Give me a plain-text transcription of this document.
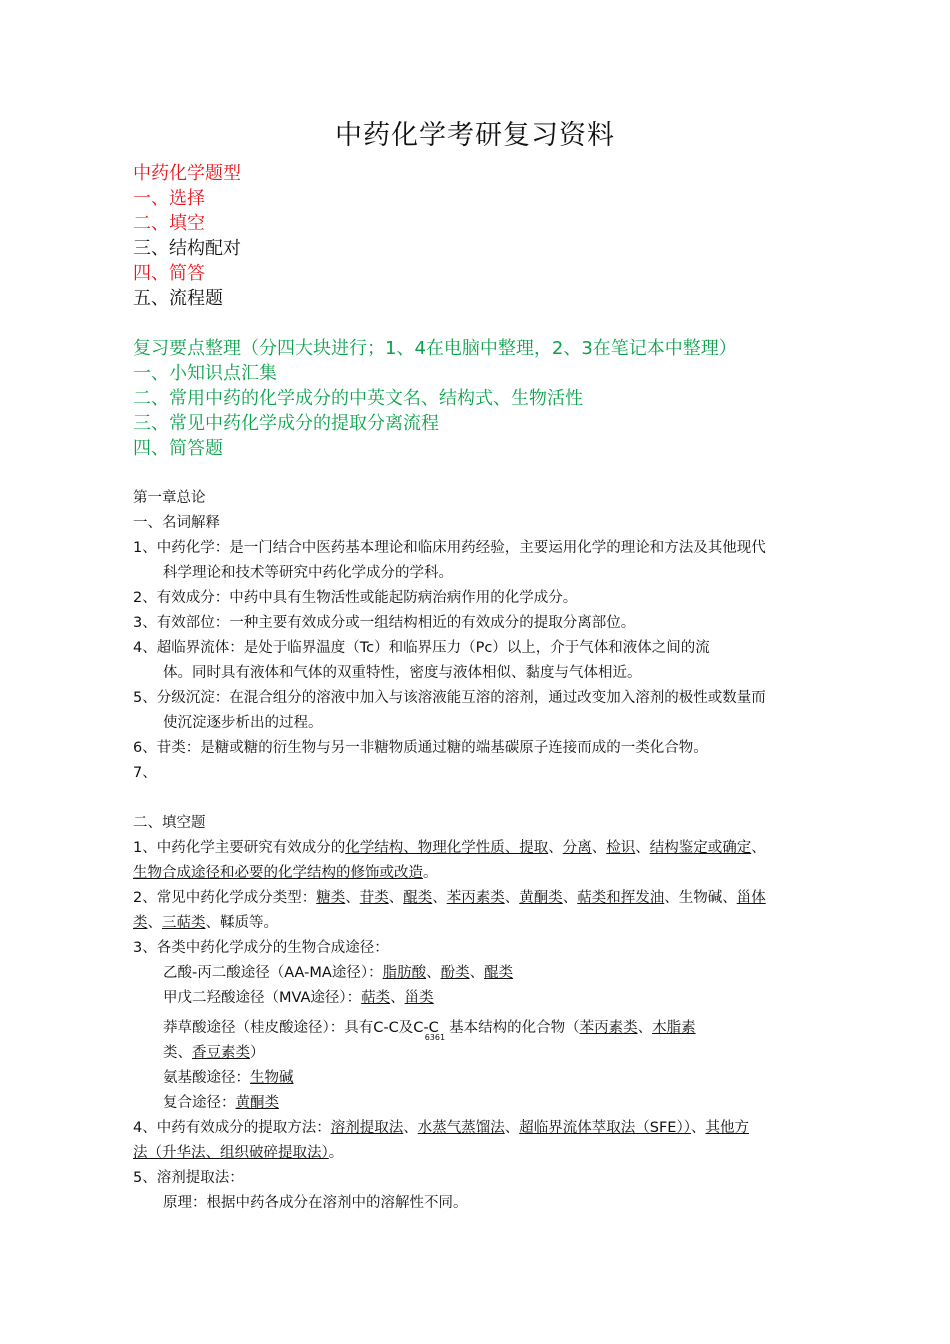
中药化学考研复习资料
中药化学题型
一、选择
二、填空
三、结构配对
四、简答
五、流程题
复习要点整理（分四大块进行；1、4在电脑中整理，2、3在笔记本中整理）
一、小知识点汇集
二、常用中药的化学成分的中英文名、结构式、生物活性
三、常见中药化学成分的提取分离流程
四、简答题
第一章总论
一、名词解释
1、中药化学：是一门结合中医药基本理论和临床用药经验，主要运用化学的理论和方法及其他现代
科学理论和技术等研究中药化学成分的学科。
2、有效成分：中药中具有生物活性或能起防病治病作用的化学成分。
3、有效部位：一种主要有效成分或一组结构相近的有效成分的提取分离部位。
4、超临界流体：是处于临界温度（Tc）和临界压力（Pc）以上，介于气体和液体之间的流
体。同时具有液体和气体的双重特性，密度与液体相似、黏度与气体相近。
5、分级沉淀：在混合组分的溶液中加入与该溶液能互溶的溶剂，通过改变加入溶剂的极性或数量而
使沉淀逐步析出的过程。
6、苷类：是糖或糖的衍生物与另一非糖物质通过糖的端基碳原子连接而成的一类化合物。
7、
二、填空题
1、中药化学主要研究有效成分的化学结构、物理化学性质、提取、分离、检识、结构鉴定或确定、
生物合成途径和必要的化学结构的修饰或改造。
2、常见中药化学成分类型：糖类、苷类、醌类、苯丙素类、黄酮类、萜类和挥发油、生物碱、甾体
类、三萜类、鞣质等。
3、各类中药化学成分的生物合成途径：
乙酸-丙二酸途径（AA-MA途径）：脂肪酸、酚类、醌类
甲戊二羟酸途径（MVA途径）：萜类、甾类
莽草酸途径（桂皮酸途径）：具有C-C及$C-C_{6361}$基本结构的化合物（苯丙素类、木脂素
类、香豆素类）
氨基酸途径：生物碱
复合途径：黄酮类
4、中药有效成分的提取方法：溶剂提取法、水蒸气蒸馏法、超临界流体萃取法（SFE））、其他方
法（升华法、组织破碎提取法）。
5、溶剂提取法：
原理：根据中药各成分在溶剂中的溶解性不同。
